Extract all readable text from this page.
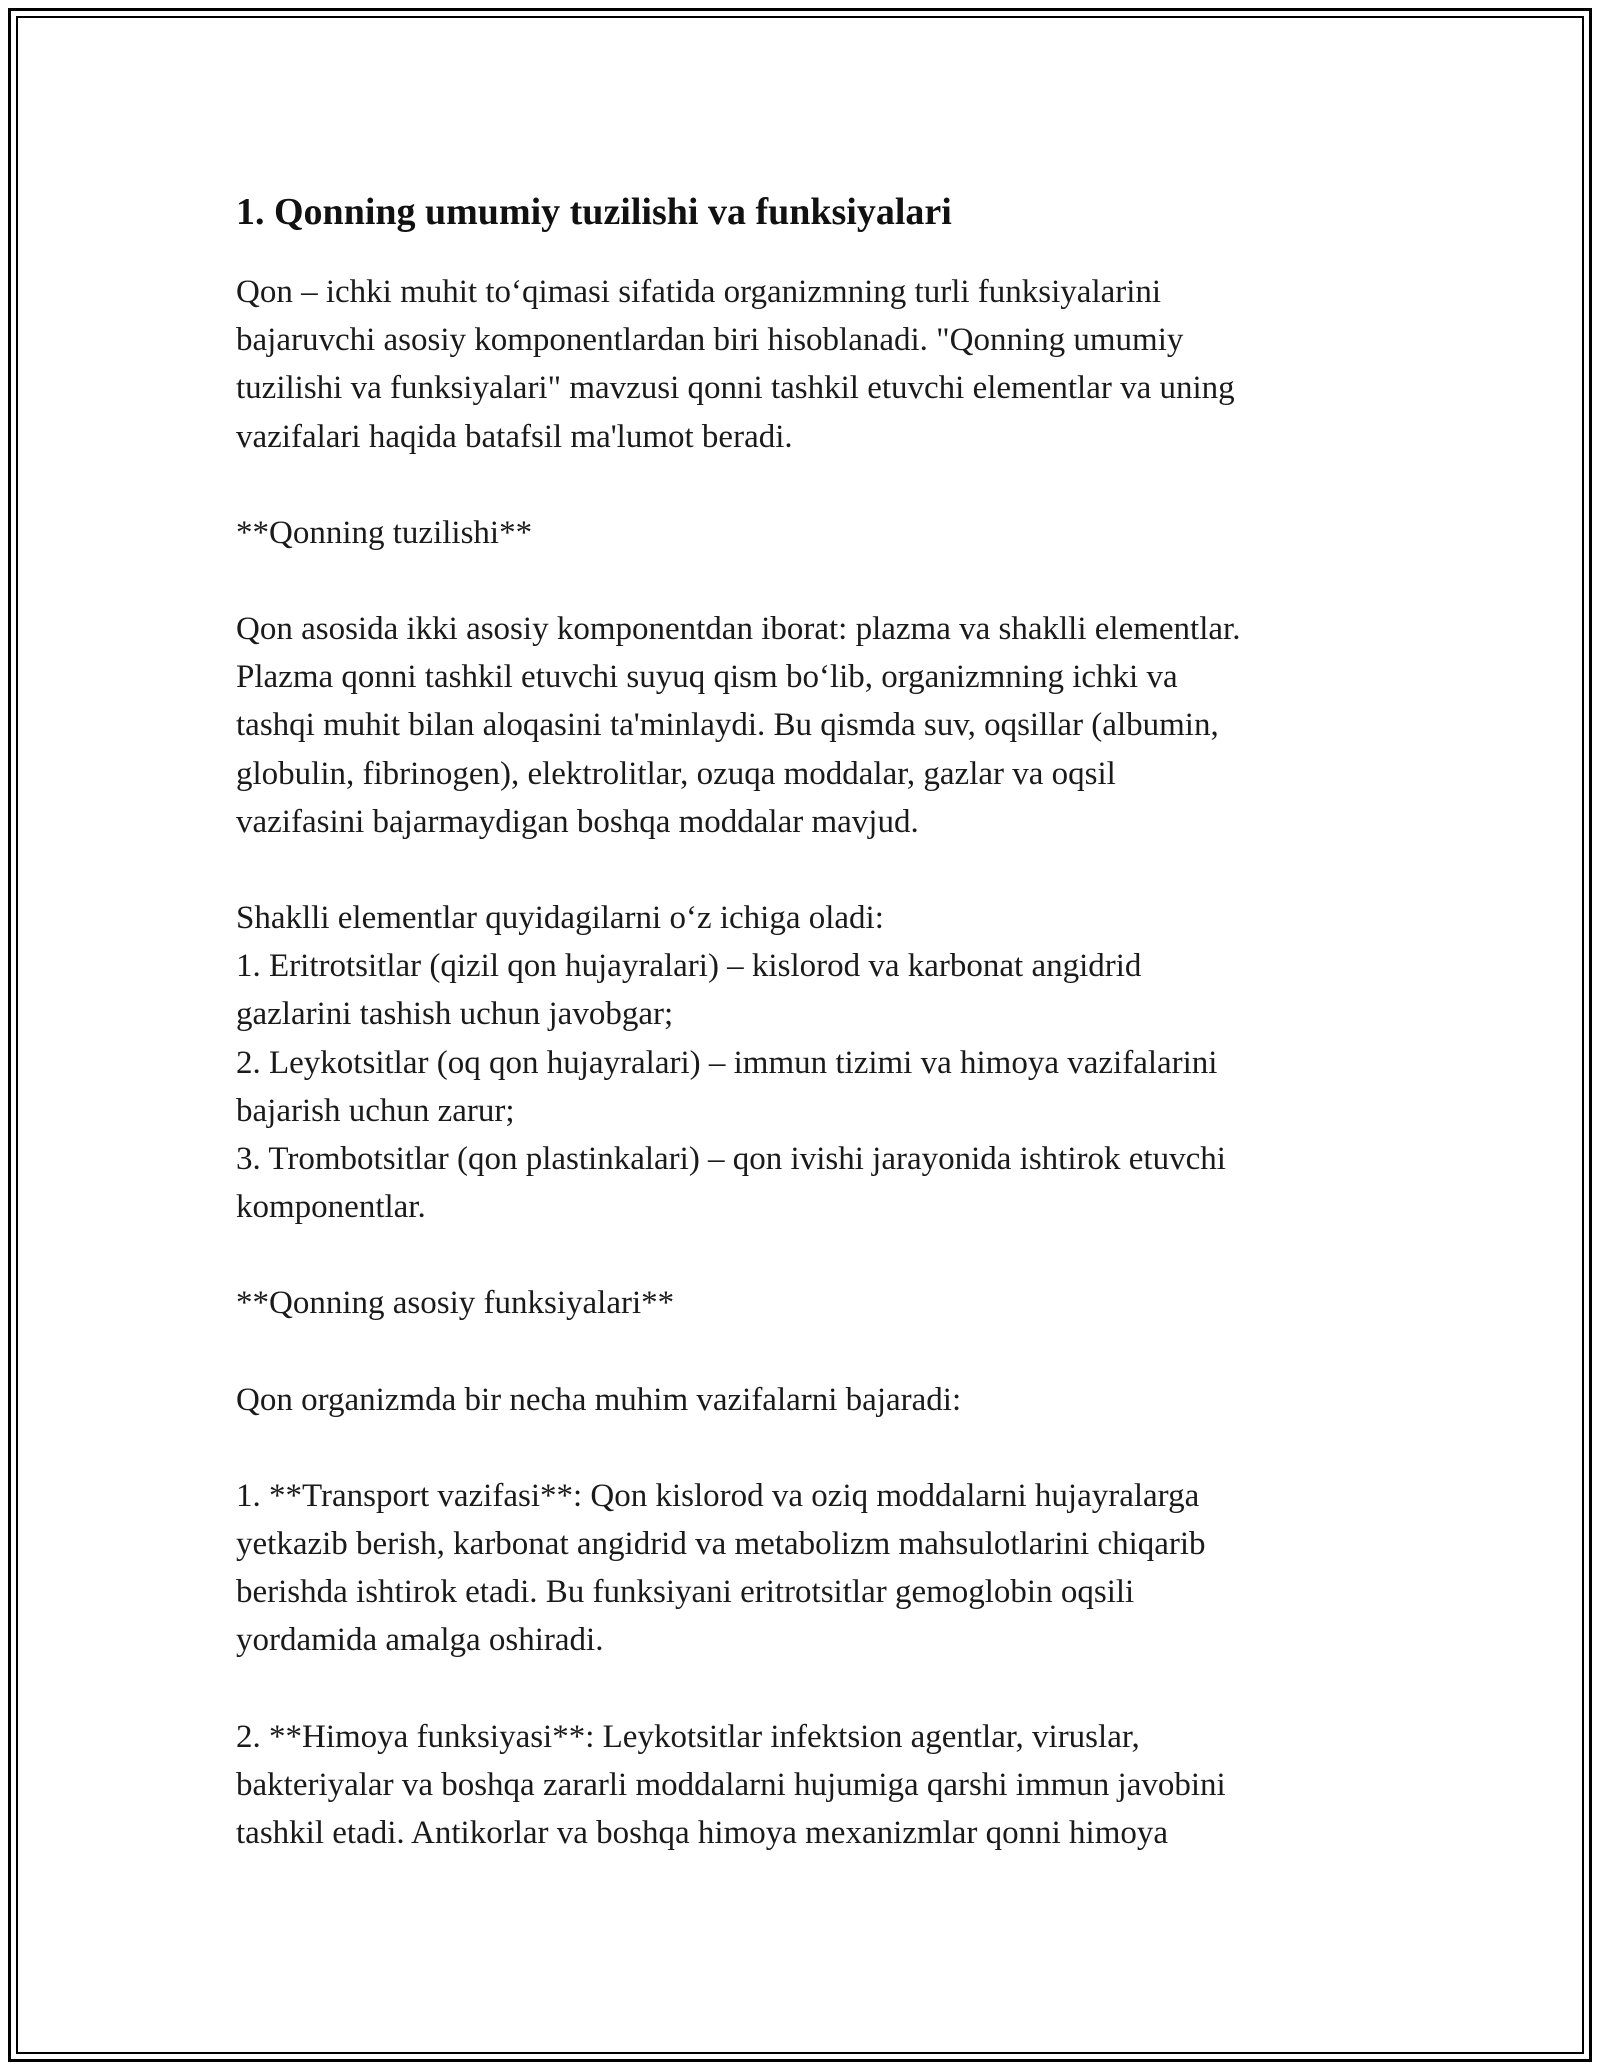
1. Qonning umumiy tuzilishi va funksiyalari

Qon – ichki muhit to‘qimasi sifatida organizmning turli funksiyalarini
bajaruvchi asosiy komponentlardan biri hisoblanadi. "Qonning umumiy
tuzilishi va funksiyalari" mavzusi qonni tashkil etuvchi elementlar va uning
vazifalari haqida batafsil ma'lumot beradi.

**Qonning tuzilishi**

Qon asosida ikki asosiy komponentdan iborat: plazma va shaklli elementlar.
Plazma qonni tashkil etuvchi suyuq qism bo‘lib, organizmning ichki va
tashqi muhit bilan aloqasini ta'minlaydi. Bu qismda suv, oqsillar (albumin,
globulin, fibrinogen), elektrolitlar, ozuqa moddalar, gazlar va oqsil
vazifasini bajarmaydigan boshqa moddalar mavjud.

Shaklli elementlar quyidagilarni o‘z ichiga oladi:
1. Eritrotsitlar (qizil qon hujayralari) – kislorod va karbonat angidrid
gazlarini tashish uchun javobgar;
2. Leykotsitlar (oq qon hujayralari) – immun tizimi va himoya vazifalarini
bajarish uchun zarur;
3. Trombotsitlar (qon plastinkalari) – qon ivishi jarayonida ishtirok etuvchi
komponentlar.

**Qonning asosiy funksiyalari**

Qon organizmda bir necha muhim vazifalarni bajaradi:

1. **Transport vazifasi**: Qon kislorod va oziq moddalarni hujayralarga
yetkazib berish, karbonat angidrid va metabolizm mahsulotlarini chiqarib
berishda ishtirok etadi. Bu funksiyani eritrotsitlar gemoglobin oqsili
yordamida amalga oshiradi.

2. **Himoya funksiyasi**: Leykotsitlar infektsion agentlar, viruslar,
bakteriyalar va boshqa zararli moddalarni hujumiga qarshi immun javobini
tashkil etadi. Antikorlar va boshqa himoya mexanizmlar qonni himoya
